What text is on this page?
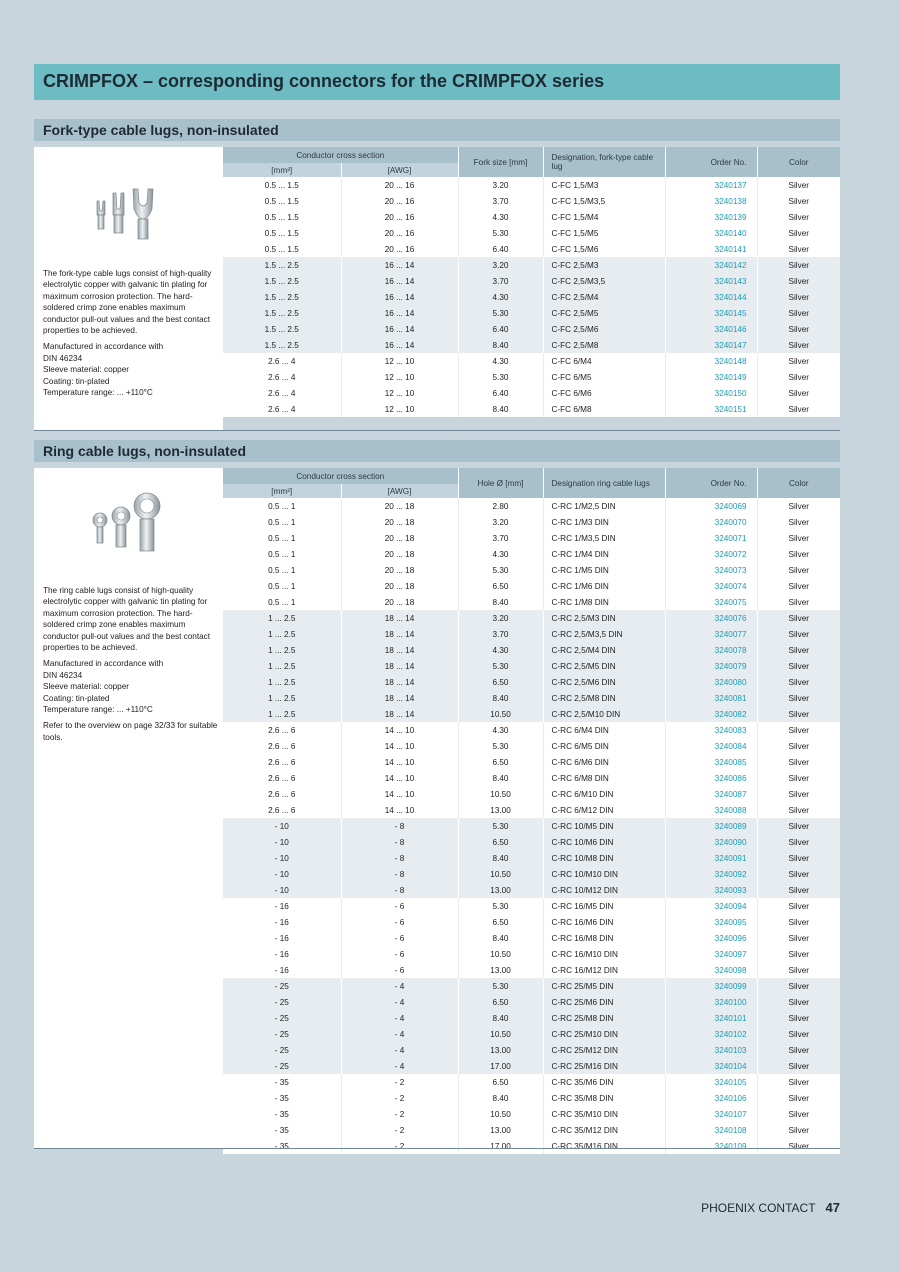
CRIMPFOX – corresponding connectors for the CRIMPFOX series
Fork-type cable lugs, non-insulated

The fork-type cable lugs consist of high-quality electrolytic copper with galvanic tin plating for maximum corrosion protection. The hard-soldered crimp zone enables maximum conductor pull-out values and the best contact properties to be achieved.

Manufactured in accordance with
DIN 46234
Sleeve material: copper
Coating: tin-plated
Temperature range: ... +110°C
Conductor cross section		Fork size [mm]	Designation, fork-type cable lug	Order No.	Color
[mm²]	[AWG]				
0.5 ... 1.5	20 ... 16	3.20	C-FC 1,5/M3	3240137	Silver
0.5 ... 1.5	20 ... 16	3.70	C-FC 1,5/M3,5	3240138	Silver
0.5 ... 1.5	20 ... 16	4.30	C-FC 1,5/M4	3240139	Silver
0.5 ... 1.5	20 ... 16	5.30	C-FC 1,5/M5	3240140	Silver
0.5 ... 1.5	20 ... 16	6.40	C-FC 1,5/M6	3240141	Silver
1.5 ... 2.5	16 ... 14	3.20	C-FC 2,5/M3	3240142	Silver
1.5 ... 2.5	16 ... 14	3.70	C-FC 2,5/M3,5	3240143	Silver
1.5 ... 2.5	16 ... 14	4.30	C-FC 2,5/M4	3240144	Silver
1.5 ... 2.5	16 ... 14	5.30	C-FC 2,5/M5	3240145	Silver
1.5 ... 2.5	16 ... 14	6.40	C-FC 2,5/M6	3240146	Silver
1.5 ... 2.5	16 ... 14	8.40	C-FC 2,5/M8	3240147	Silver
2.6 ... 4	12 ... 10	4.30	C-FC 6/M4	3240148	Silver
2.6 ... 4	12 ... 10	5.30	C-FC 6/M5	3240149	Silver
2.6 ... 4	12 ... 10	6.40	C-FC 6/M6	3240150	Silver
2.6 ... 4	12 ... 10	8.40	C-FC 6/M8	3240151	Silver
Ring cable lugs, non-insulated

The ring cable lugs consist of high-quality electrolytic copper with galvanic tin plating for maximum corrosion protection. The hard-soldered crimp zone enables maximum conductor pull-out values and the best contact properties to be achieved.

Manufactured in accordance with
DIN 46234
Sleeve material: copper
Coating: tin-plated
Temperature range: ... +110°C

Refer to the overview on page 32/33 for suitable tools.

Conductor cross section		Hole Ø [mm]	Designation ring cable lugs	Order No.	Color
[mm²]	[AWG]				
0.5 ... 1	20 ... 18	2.80	C-RC 1/M2,5 DIN	3240069	Silver
0.5 ... 1	20 ... 18	3.20	C-RC 1/M3 DIN	3240070	Silver
0.5 ... 1	20 ... 18	3.70	C-RC 1/M3,5 DIN	3240071	Silver
0.5 ... 1	20 ... 18	4.30	C-RC 1/M4 DIN	3240072	Silver
0.5 ... 1	20 ... 18	5.30	C-RC 1/M5 DIN	3240073	Silver
0.5 ... 1	20 ... 18	6.50	C-RC 1/M6 DIN	3240074	Silver
0.5 ... 1	20 ... 18	8.40	C-RC 1/M8 DIN	3240075	Silver
1 ... 2.5	18 ... 14	3.20	C-RC 2,5/M3 DIN	3240076	Silver
1 ... 2.5	18 ... 14	3.70	C-RC 2,5/M3,5 DIN	3240077	Silver
1 ... 2.5	18 ... 14	4.30	C-RC 2,5/M4 DIN	3240078	Silver
1 ... 2.5	18 ... 14	5.30	C-RC 2,5/M5 DIN	3240079	Silver
1 ... 2.5	18 ... 14	6.50	C-RC 2,5/M6 DIN	3240080	Silver
1 ... 2.5	18 ... 14	8.40	C-RC 2,5/M8 DIN	3240081	Silver
1 ... 2.5	18 ... 14	10.50	C-RC 2,5/M10 DIN	3240082	Silver
2.6 ... 6	14 ... 10	4.30	C-RC 6/M4 DIN	3240083	Silver
2.6 ... 6	14 ... 10	5.30	C-RC 6/M5 DIN	3240084	Silver
2.6 ... 6	14 ... 10	6.50	C-RC 6/M6 DIN	3240085	Silver
2.6 ... 6	14 ... 10	8.40	C-RC 6/M8 DIN	3240086	Silver
2.6 ... 6	14 ... 10	10.50	C-RC 6/M10 DIN	3240087	Silver
2.6 ... 6	14 ... 10	13.00	C-RC 6/M12 DIN	3240088	Silver
- 10	- 8	5.30	C-RC 10/M5 DIN	3240089	Silver
- 10	- 8	6.50	C-RC 10/M6 DIN	3240090	Silver
- 10	- 8	8.40	C-RC 10/M8 DIN	3240091	Silver
- 10	- 8	10.50	C-RC 10/M10 DIN	3240092	Silver
- 10	- 8	13.00	C-RC 10/M12 DIN	3240093	Silver
- 16	- 6	5.30	C-RC 16/M5 DIN	3240094	Silver
- 16	- 6	6.50	C-RC 16/M6 DIN	3240095	Silver
- 16	- 6	8.40	C-RC 16/M8 DIN	3240096	Silver
- 16	- 6	10.50	C-RC 16/M10 DIN	3240097	Silver
- 16	- 6	13.00	C-RC 16/M12 DIN	3240098	Silver
- 25	- 4	5.30	C-RC 25/M5 DIN	3240099	Silver
- 25	- 4	6.50	C-RC 25/M6 DIN	3240100	Silver
- 25	- 4	8.40	C-RC 25/M8 DIN	3240101	Silver
- 25	- 4	10.50	C-RC 25/M10 DIN	3240102	Silver
- 25	- 4	13.00	C-RC 25/M12 DIN	3240103	Silver
- 25	- 4	17.00	C-RC 25/M16 DIN	3240104	Silver
- 35	- 2	6.50	C-RC 35/M6 DIN	3240105	Silver
- 35	- 2	8.40	C-RC 35/M8 DIN	3240106	Silver
- 35	- 2	10.50	C-RC 35/M10 DIN	3240107	Silver
- 35	- 2	13.00	C-RC 35/M12 DIN	3240108	Silver
- 35	- 2	17.00	C-RC 35/M16 DIN	3240109	Silver
PHOENIX CONTACT 47
